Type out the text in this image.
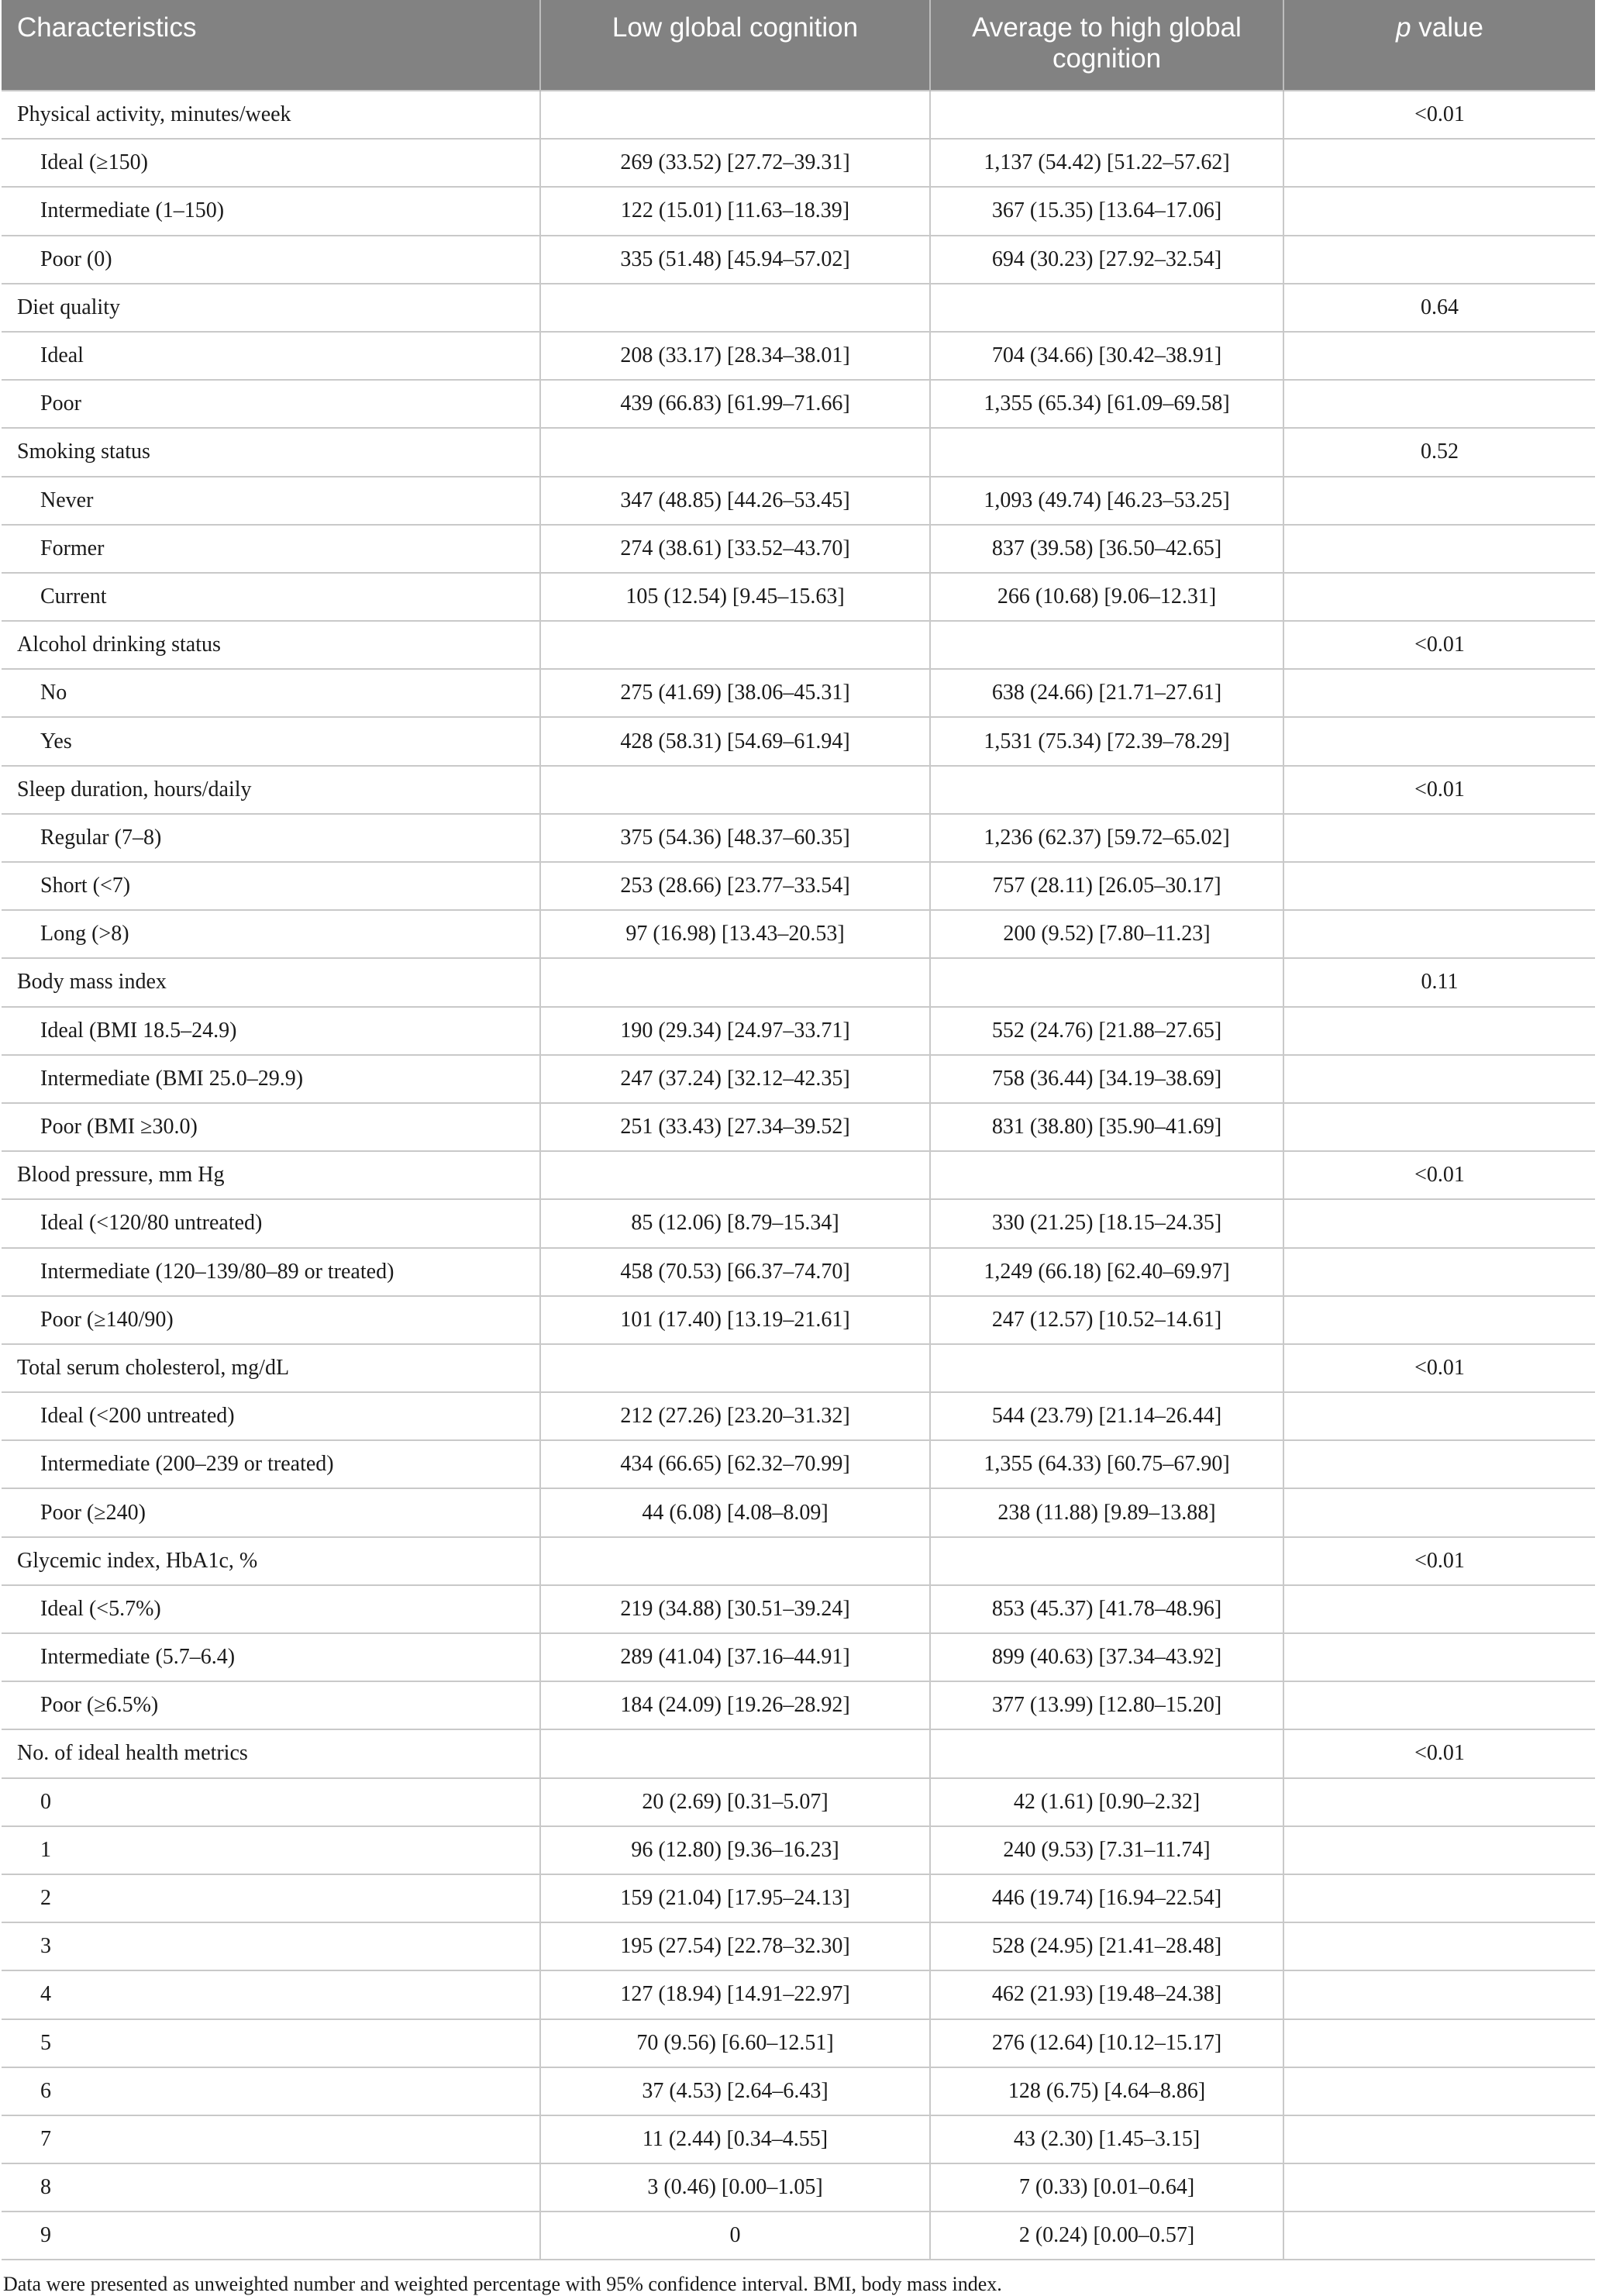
Characteristics	Low global cognition	Average to high global cognition	p value
Physical activity, minutes/week			<0.01
Ideal (≥150)	269 (33.52) [27.72–39.31]	1,137 (54.42) [51.22–57.62]	
Intermediate (1–150)	122 (15.01) [11.63–18.39]	367 (15.35) [13.64–17.06]	
Poor (0)	335 (51.48) [45.94–57.02]	694 (30.23) [27.92–32.54]	
Diet quality			0.64
Ideal	208 (33.17) [28.34–38.01]	704 (34.66) [30.42–38.91]	
Poor	439 (66.83) [61.99–71.66]	1,355 (65.34) [61.09–69.58]	
Smoking status			0.52
Never	347 (48.85) [44.26–53.45]	1,093 (49.74) [46.23–53.25]	
Former	274 (38.61) [33.52–43.70]	837 (39.58) [36.50–42.65]	
Current	105 (12.54) [9.45–15.63]	266 (10.68) [9.06–12.31]	
Alcohol drinking status			<0.01
No	275 (41.69) [38.06–45.31]	638 (24.66) [21.71–27.61]	
Yes	428 (58.31) [54.69–61.94]	1,531 (75.34) [72.39–78.29]	
Sleep duration, hours/daily			<0.01
Regular (7–8)	375 (54.36) [48.37–60.35]	1,236 (62.37) [59.72–65.02]	
Short (<7)	253 (28.66) [23.77–33.54]	757 (28.11) [26.05–30.17]	
Long (>8)	97 (16.98) [13.43–20.53]	200 (9.52) [7.80–11.23]	
Body mass index			0.11
Ideal (BMI 18.5–24.9)	190 (29.34) [24.97–33.71]	552 (24.76) [21.88–27.65]	
Intermediate (BMI 25.0–29.9)	247 (37.24) [32.12–42.35]	758 (36.44) [34.19–38.69]	
Poor (BMI ≥30.0)	251 (33.43) [27.34–39.52]	831 (38.80) [35.90–41.69]	
Blood pressure, mm Hg			<0.01
Ideal (<120/80 untreated)	85 (12.06) [8.79–15.34]	330 (21.25) [18.15–24.35]	
Intermediate (120–139/80–89 or treated)	458 (70.53) [66.37–74.70]	1,249 (66.18) [62.40–69.97]	
Poor (≥140/90)	101 (17.40) [13.19–21.61]	247 (12.57) [10.52–14.61]	
Total serum cholesterol, mg/dL			<0.01
Ideal (<200 untreated)	212 (27.26) [23.20–31.32]	544 (23.79) [21.14–26.44]	
Intermediate (200–239 or treated)	434 (66.65) [62.32–70.99]	1,355 (64.33) [60.75–67.90]	
Poor (≥240)	44 (6.08) [4.08–8.09]	238 (11.88) [9.89–13.88]	
Glycemic index, HbA1c, %			<0.01
Ideal (<5.7%)	219 (34.88) [30.51–39.24]	853 (45.37) [41.78–48.96]	
Intermediate (5.7–6.4)	289 (41.04) [37.16–44.91]	899 (40.63) [37.34–43.92]	
Poor (≥6.5%)	184 (24.09) [19.26–28.92]	377 (13.99) [12.80–15.20]	
No. of ideal health metrics			<0.01
0	20 (2.69) [0.31–5.07]	42 (1.61) [0.90–2.32]	
1	96 (12.80) [9.36–16.23]	240 (9.53) [7.31–11.74]	
2	159 (21.04) [17.95–24.13]	446 (19.74) [16.94–22.54]	
3	195 (27.54) [22.78–32.30]	528 (24.95) [21.41–28.48]	
4	127 (18.94) [14.91–22.97]	462 (21.93) [19.48–24.38]	
5	70 (9.56) [6.60–12.51]	276 (12.64) [10.12–15.17]	
6	37 (4.53) [2.64–6.43]	128 (6.75) [4.64–8.86]	
7	11 (2.44) [0.34–4.55]	43 (2.30) [1.45–3.15]	
8	3 (0.46) [0.00–1.05]	7 (0.33) [0.01–0.64]	
9	0	2 (0.24) [0.00–0.57]	
Data were presented as unweighted number and weighted percentage with 95% confidence interval. BMI, body mass index.
